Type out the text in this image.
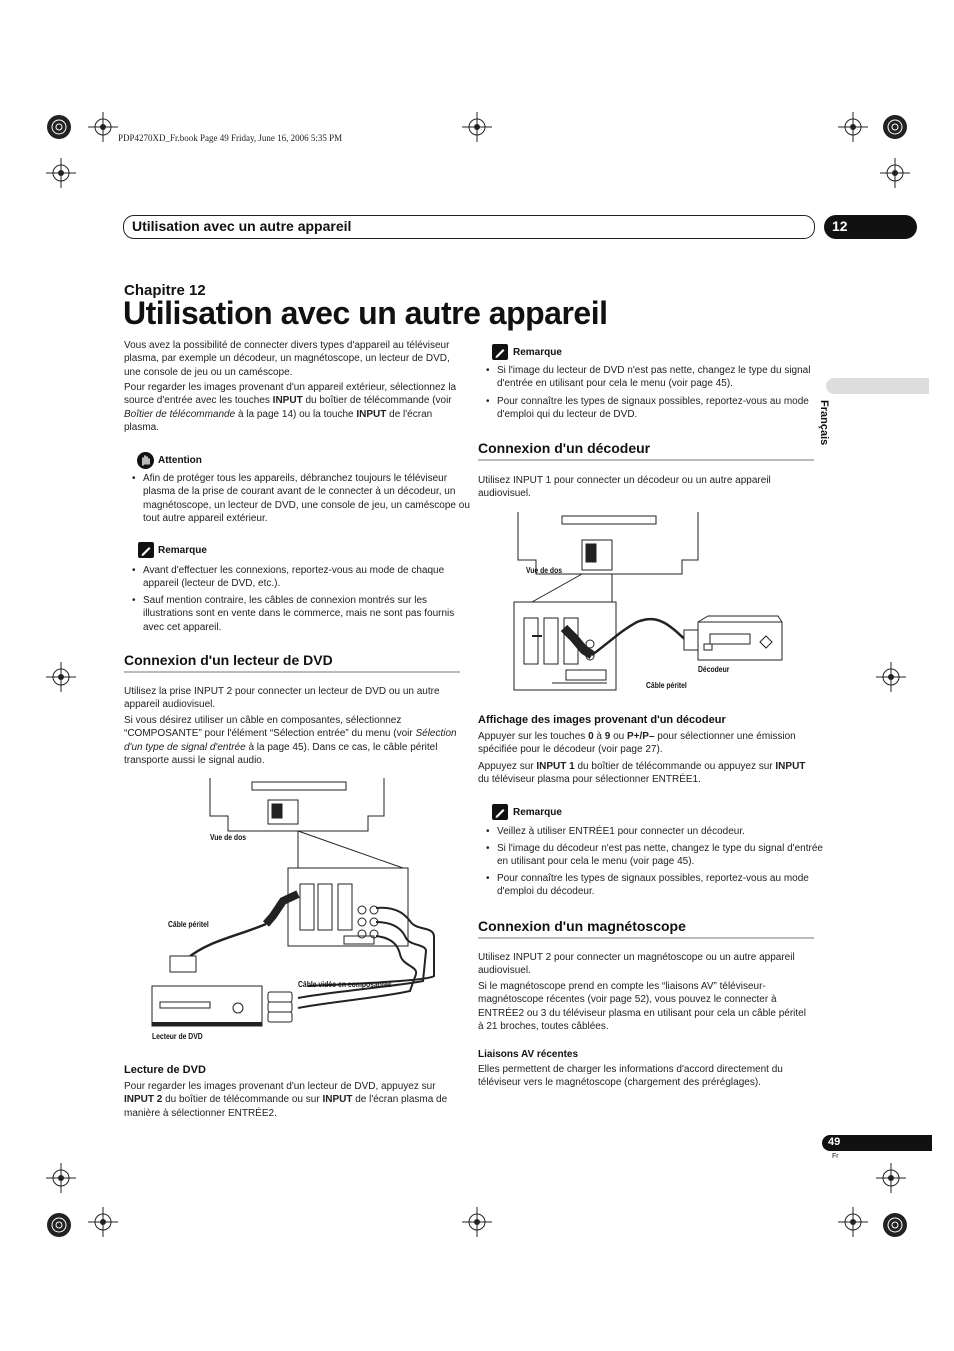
PDP4270XD_Fr.book Page 49 Friday, June 16, 2006 5:35 PM
Utilisation avec un autre appareil	12
Français
Chapitre 12
Utilisation avec un autre appareil
Vous avez la possibilité de connecter divers types d'appareil au téléviseur plasma, par exemple un décodeur, un magnétoscope, un lecteur de DVD, une console de jeu ou un caméscope.
Pour regarder les images provenant d'un appareil extérieur, sélectionnez la source d'entrée avec les touches INPUT du boîtier de télécommande (voir Boîtier de télécommande à la page 14) ou la touche INPUT de l'écran plasma.
Attention
• Afin de protéger tous les appareils, débranchez toujours le téléviseur plasma de la prise de courant avant de le connecter à un décodeur, un magnétoscope, un lecteur de DVD, une console de jeu, un caméscope ou tout autre appareil extérieur.
Remarque
• Avant d'effectuer les connexions, reportez-vous au mode de chaque appareil (lecteur de DVD, etc.).
• Sauf mention contraire, les câbles de connexion montrés sur les illustrations sont en vente dans le commerce, mais ne sont pas fournis avec cet appareil.
Connexion d'un lecteur de DVD
Utilisez la prise INPUT 2 pour connecter un lecteur de DVD ou un autre appareil audiovisuel.
Si vous désirez utiliser un câble en composantes, sélectionnez “COMPOSANTE” pour l'élément “Sélection entrée” du menu (voir Sélection d'un type de signal d'entrée à la page 45). Dans ce cas, le câble péritel transporte aussi le signal audio.
Vue de dos
Câble péritel
Câble vidéo en composantes
Lecteur de DVD
Lecture de DVD
Pour regarder les images provenant d'un lecteur de DVD, appuyez sur INPUT 2 du boîtier de télécommande ou sur INPUT de l'écran plasma de manière à sélectionner ENTRÉE2.
Remarque
• Si l'image du lecteur de DVD n'est pas nette, changez le type du signal d'entrée en utilisant pour cela le menu (voir page 45).
• Pour connaître les types de signaux possibles, reportez-vous au mode d'emploi qui du lecteur de DVD.
Connexion d'un décodeur
Utilisez INPUT 1 pour connecter un décodeur ou un autre appareil audiovisuel.
Vue de dos
Décodeur
Câble péritel
Affichage des images provenant d'un décodeur
Appuyer sur les touches 0 à 9 ou P+/P– pour sélectionner une émission spécifiée pour le décodeur (voir page 27).
Appuyez sur INPUT 1 du boîtier de télécommande ou appuyez sur INPUT du téléviseur plasma pour sélectionner ENTRÉE1.
Remarque
• Veillez à utiliser ENTRÉE1 pour connecter un décodeur.
• Si l'image du décodeur n'est pas nette, changez le type du signal d'entrée en utilisant pour cela le menu (voir page 45).
• Pour connaître les types de signaux possibles, reportez-vous au mode d'emploi du décodeur.
Connexion d'un magnétoscope
Utilisez INPUT 2 pour connecter un magnétoscope ou un autre appareil audiovisuel.
Si le magnétoscope prend en compte les “liaisons AV” téléviseur-magnétoscope récentes (voir page 52), vous pouvez le connecter à ENTRÉE2 ou 3 du téléviseur plasma en utilisant pour cela un câble péritel à 21 broches, toutes câblées.
Liaisons AV récentes
Elles permettent de charger les informations d'accord directement du téléviseur vers le magnétoscope (chargement des préréglages).
49
Fr
